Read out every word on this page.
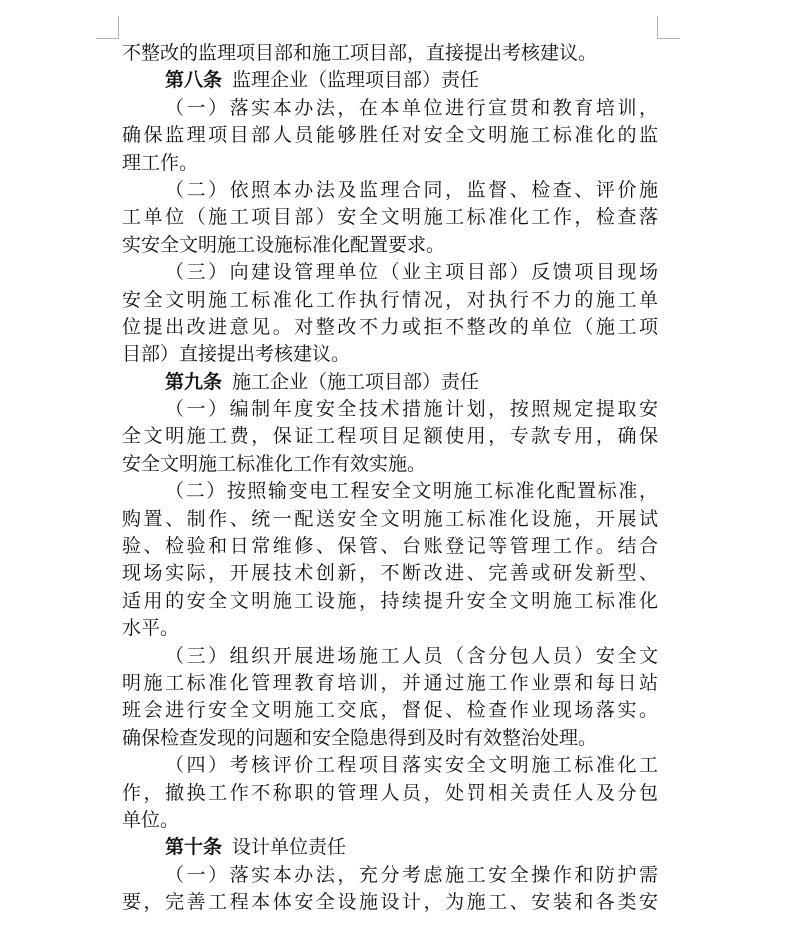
不整改的监理项目部和施工项目部，直接提出考核建议。
第八条 监理企业（监理项目部）责任
（一）落实本办法，在本单位进行宣贯和教育培训，
确保监理项目部人员能够胜任对安全文明施工标准化的监
理工作。
（二）依照本办法及监理合同，监督、检查、评价施
工单位（施工项目部）安全文明施工标准化工作，检查落
实安全文明施工设施标准化配置要求。
（三）向建设管理单位（业主项目部）反馈项目现场
安全文明施工标准化工作执行情况，对执行不力的施工单
位提出改进意见。对整改不力或拒不整改的单位（施工项
目部）直接提出考核建议。
第九条 施工企业（施工项目部）责任
（一）编制年度安全技术措施计划，按照规定提取安
全文明施工费，保证工程项目足额使用，专款专用，确保
安全文明施工标准化工作有效实施。
（二）按照输变电工程安全文明施工标准化配置标准，
购置、制作、统一配送安全文明施工标准化设施，开展试
验、检验和日常维修、保管、台账登记等管理工作。结合
现场实际，开展技术创新，不断改进、完善或研发新型、
适用的安全文明施工设施，持续提升安全文明施工标准化
水平。
（三）组织开展进场施工人员（含分包人员）安全文
明施工标准化管理教育培训，并通过施工作业票和每日站
班会进行安全文明施工交底，督促、检查作业现场落实。
确保检查发现的问题和安全隐患得到及时有效整治处理。
（四）考核评价工程项目落实安全文明施工标准化工
作，撤换工作不称职的管理人员，处罚相关责任人及分包
单位。
第十条 设计单位责任
（一）落实本办法，充分考虑施工安全操作和防护需
要，完善工程本体安全设施设计，为施工、安装和各类安
